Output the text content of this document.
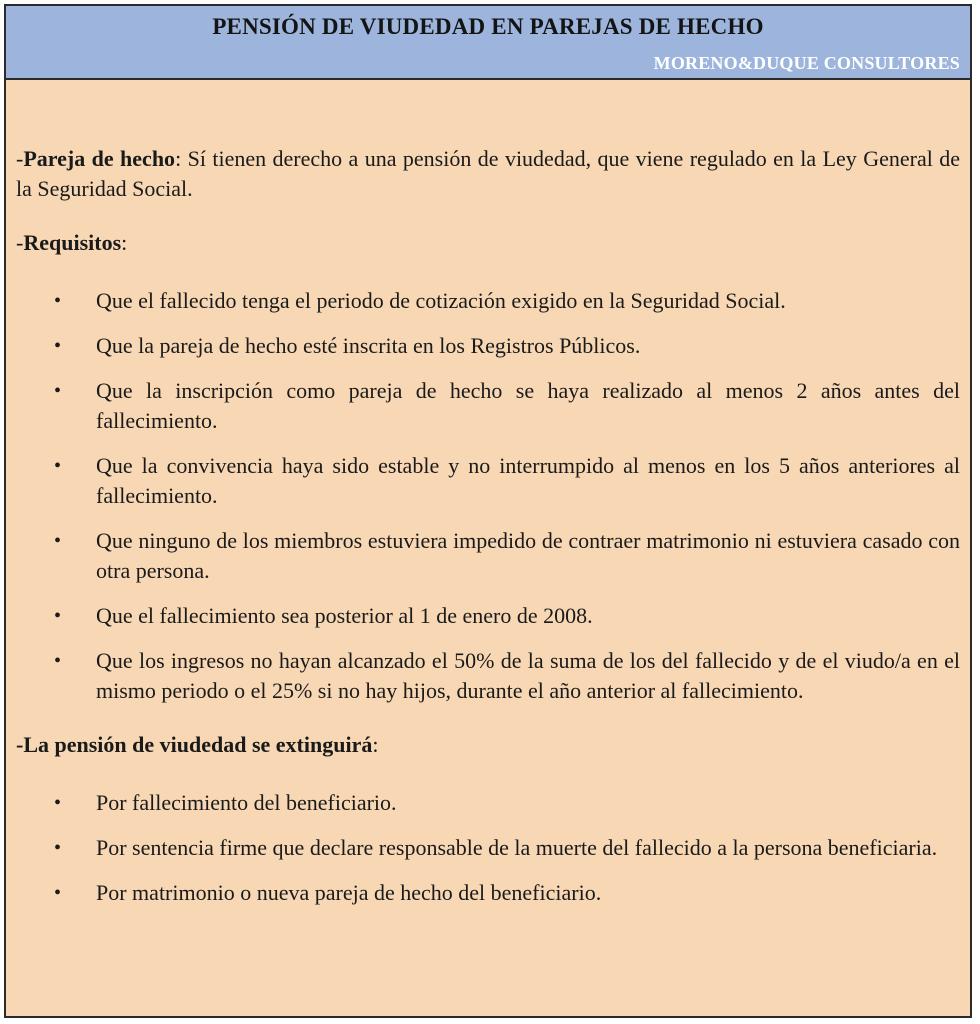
PENSIÓN DE VIUDEDAD EN PAREJAS DE HECHO
MORENO&DUQUE CONSULTORES

-Pareja de hecho: Sí tienen derecho a una pensión de viudedad, que viene regulado en la Ley General de la Seguridad Social.

-Requisitos:

• Que el fallecido tenga el periodo de cotización exigido en la Seguridad Social.
• Que la pareja de hecho esté inscrita en los Registros Públicos.
• Que la inscripción como pareja de hecho se haya realizado al menos 2 años antes del fallecimiento.
• Que la convivencia haya sido estable y no interrumpido al menos en los 5 años anteriores al fallecimiento.
• Que ninguno de los miembros estuviera impedido de contraer matrimonio ni estuviera casado con otra persona.
• Que el fallecimiento sea posterior al 1 de enero de 2008.
• Que los ingresos no hayan alcanzado el 50% de la suma de los del fallecido y de el viudo/a en el mismo periodo o el 25% si no hay hijos, durante el año anterior al fallecimiento.

-La pensión de viudedad se extinguirá:

• Por fallecimiento del beneficiario.
• Por sentencia firme que declare responsable de la muerte del fallecido a la persona beneficiaria.
• Por matrimonio o nueva pareja de hecho del beneficiario.
